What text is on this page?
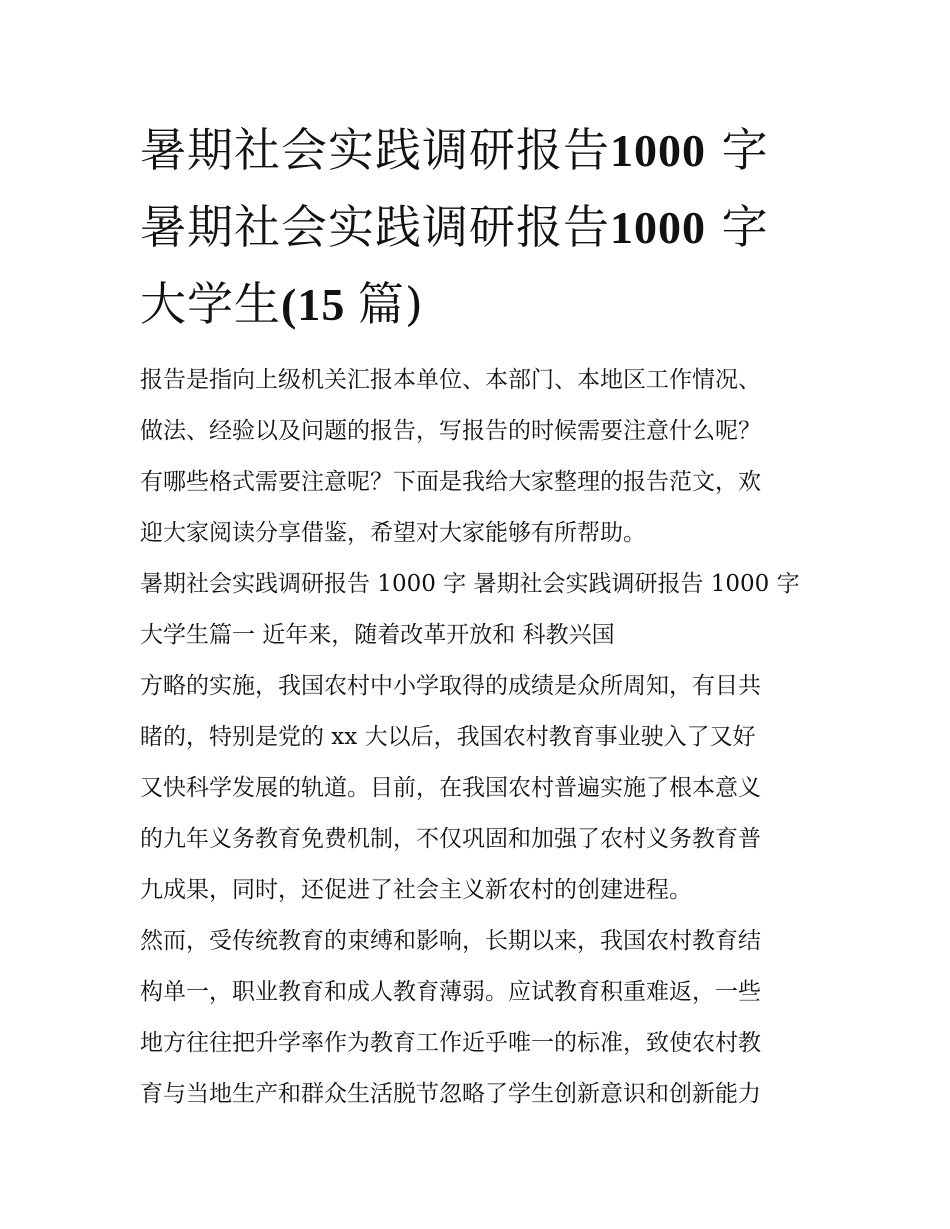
暑期社会实践调研报告1000 字
暑期社会实践调研报告1000 字
大学生(15 篇)
报告是指向上级机关汇报本单位、本部门、本地区工作情况、
做法、经验以及问题的报告，写报告的时候需要注意什么呢？
有哪些格式需要注意呢？下面是我给大家整理的报告范文，欢
迎大家阅读分享借鉴，希望对大家能够有所帮助。
暑期社会实践调研报告 1000 字 暑期社会实践调研报告 1000 字
大学生篇一 近年来，随着改革开放和 科教兴国
方略的实施，我国农村中小学取得的成绩是众所周知，有目共
睹的，特别是党的 xx 大以后，我国农村教育事业驶入了又好
又快科学发展的轨道。目前，在我国农村普遍实施了根本意义
的九年义务教育免费机制，不仅巩固和加强了农村义务教育普
九成果，同时，还促进了社会主义新农村的创建进程。
然而，受传统教育的束缚和影响，长期以来，我国农村教育结
构单一，职业教育和成人教育薄弱。应试教育积重难返，一些
地方往往把升学率作为教育工作近乎唯一的标准，致使农村教
育与当地生产和群众生活脱节忽略了学生创新意识和创新能力
